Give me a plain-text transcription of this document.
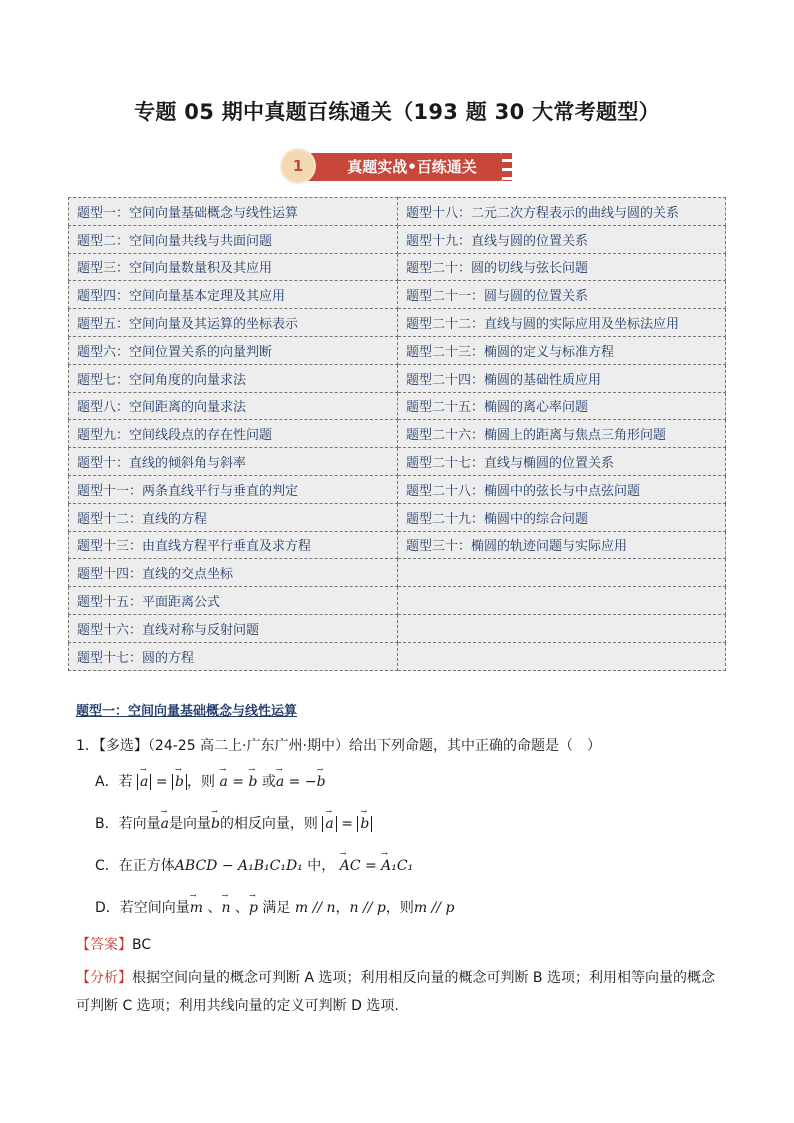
专题 05 期中真题百练通关（193 题 30 大常考题型）
1	真题实战•百练通关
题型一：空间向量基础概念与线性运算	题型十八：二元二次方程表示的曲线与圆的关系
题型二：空间向量共线与共面问题	题型十九：直线与圆的位置关系
题型三：空间向量数量积及其应用	题型二十：圆的切线与弦长问题
题型四：空间向量基本定理及其应用	题型二十一：圆与圆的位置关系
题型五：空间向量及其运算的坐标表示	题型二十二：直线与圆的实际应用及坐标法应用
题型六：空间位置关系的向量判断	题型二十三：椭圆的定义与标准方程
题型七：空间角度的向量求法	题型二十四：椭圆的基础性质应用
题型八：空间距离的向量求法	题型二十五：椭圆的离心率问题
题型九：空间线段点的存在性问题	题型二十六：椭圆上的距离与焦点三角形问题
题型十：直线的倾斜角与斜率	题型二十七：直线与椭圆的位置关系
题型十一：两条直线平行与垂直的判定	题型二十八：椭圆中的弦长与中点弦问题
题型十二：直线的方程	题型二十九：椭圆中的综合问题
题型十三：由直线方程平行垂直及求方程	题型三十：椭圆的轨迹问题与实际应用
题型十四：直线的交点坐标	
题型十五：平面距离公式	
题型十六：直线对称与反射问题	
题型十七：圆的方程	
题型一：空间向量基础概念与线性运算
1．【多选】（24-25 高二上·广东广州·期中）给出下列命题，其中正确的命题是（　）
A．若 → a = → b ，则 → a = → b 或→ a = −→ b
B．若向量→ a是向量→ b的相反向量，则 → a = → b
C．在正方体ABCD − A₁B₁C₁D₁ 中， → AC = → A₁C₁
D．若空间向量→ m 、→ n 、→ p 满足 m // n，n // p，则m // p
【答案】BC
【分析】根据空间向量的概念可判断 A 选项；利用相反向量的概念可判断 B 选项；利用相等向量的概念可判断 C 选项；利用共线向量的定义可判断 D 选项.
